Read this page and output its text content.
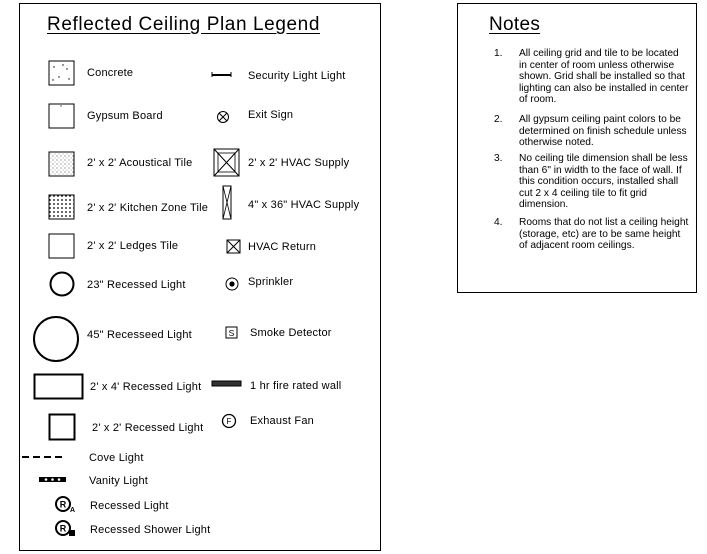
Reflected Ceiling Plan Legend
Concrete
Gypsum Board
2' x 2' Acoustical Tile
2' x 2' Kitchen Zone Tile
2' x 2' Ledges Tile
23" Recessed Light
45" Recesseed Light
2' x 4' Recessed Light
2' x 2' Recessed Light
Cove Light
Vanity Light
R
A Recessed Light
R Recessed Shower Light
Security Light Light
Exit Sign
2' x 2' HVAC Supply
4" x 36" HVAC Supply
HVAC Return
Sprinkler
S Smoke Detector
1 hr fire rated wall
F Exhaust Fan
Notes
1. All ceiling grid and tile to be located in center of room unless otherwise shown. Grid shall be installed so that lighting can also be installed in center of room.
2. All gypsum ceiling paint colors to be determined on finish schedule unless otherwise noted.
3. No ceiling tile dimension shall be less than 6" in width to the face of wall. If this condition occurs, installed shall cut 2 x 4 ceiling tile to fit grid dimension.
4. Rooms that do not list a ceiling height (storage, etc) are to be same height of adjacent room ceilings.
